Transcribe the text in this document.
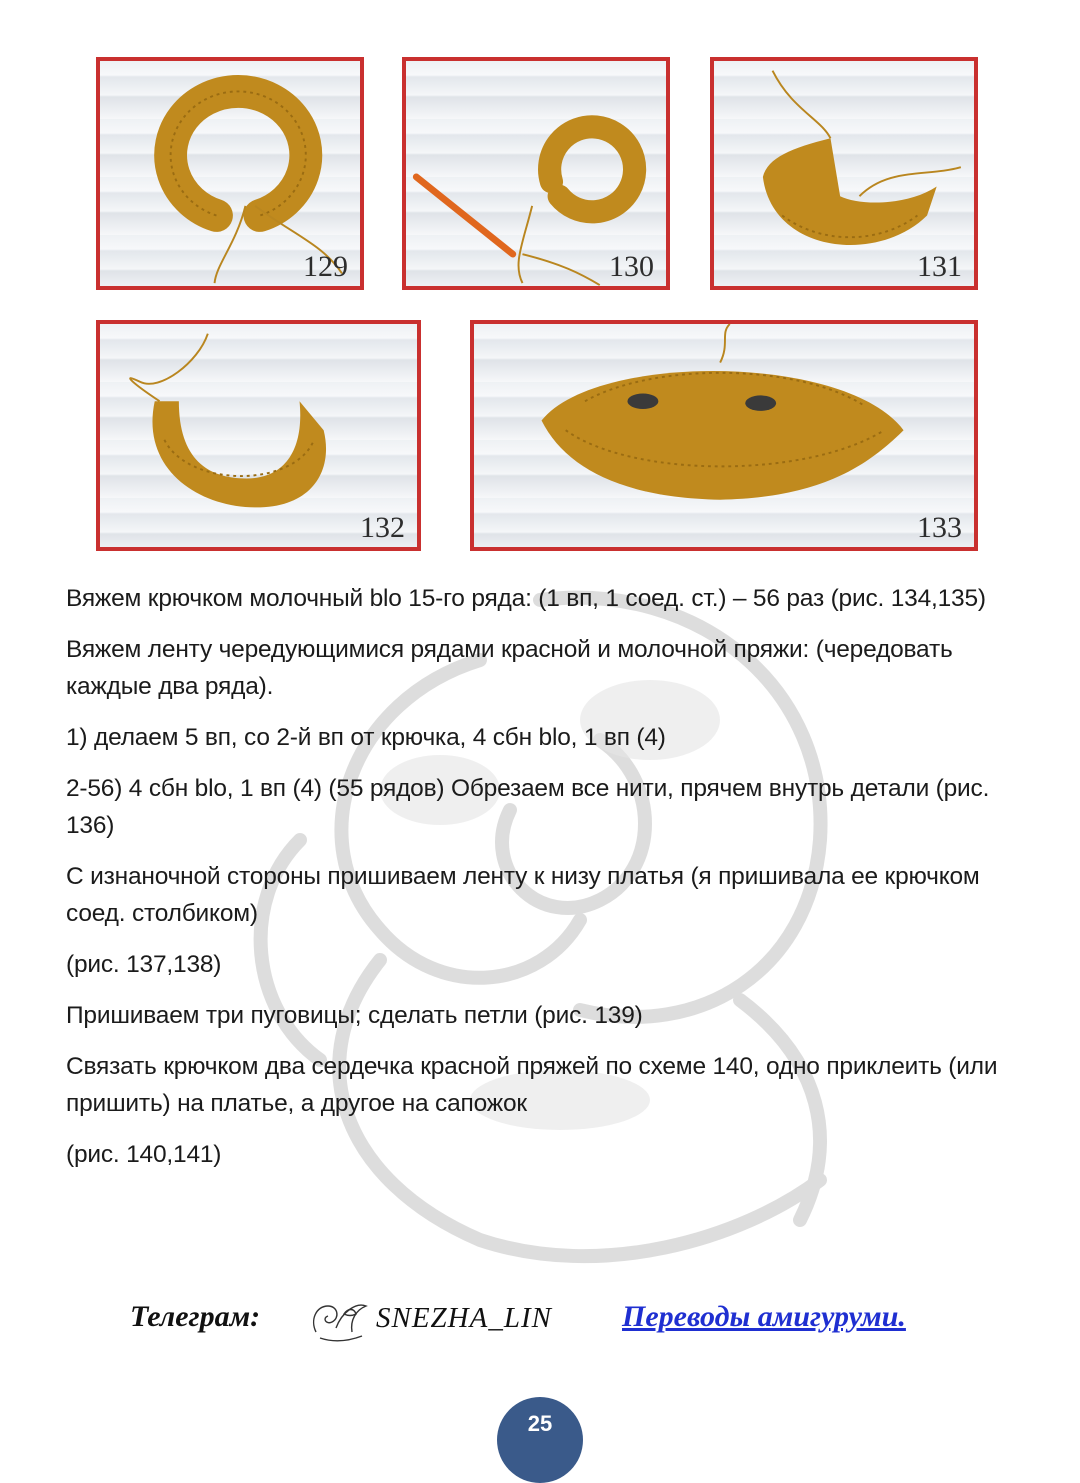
129	130	131
132	133

Вяжем крючком молочный blo 15-го ряда: (1 вп, 1 соед. ст.) – 56 раз (рис. 134,135)

Вяжем ленту чередующимися рядами красной и молочной пряжи: (чередовать каждые два ряда).

1) делаем 5 вп, со 2-й вп от крючка, 4 сбн blo, 1 вп (4)

2-56) 4 сбн blo, 1 вп (4) (55 рядов) Обрезаем все нити, прячем внутрь детали (рис. 136)

С изнаночной стороны пришиваем ленту к низу платья (я пришивала ее крючком соед. столбиком)

(рис. 137,138)

Пришиваем три пуговицы; сделать петли (рис. 139)

Связать крючком два сердечка красной пряжей по схеме 140, одно приклеить (или пришить) на платье, а другое на сапожок

(рис. 140,141)

Телеграм:	SNEZHA_LIN Переводы амигуруми.
25
